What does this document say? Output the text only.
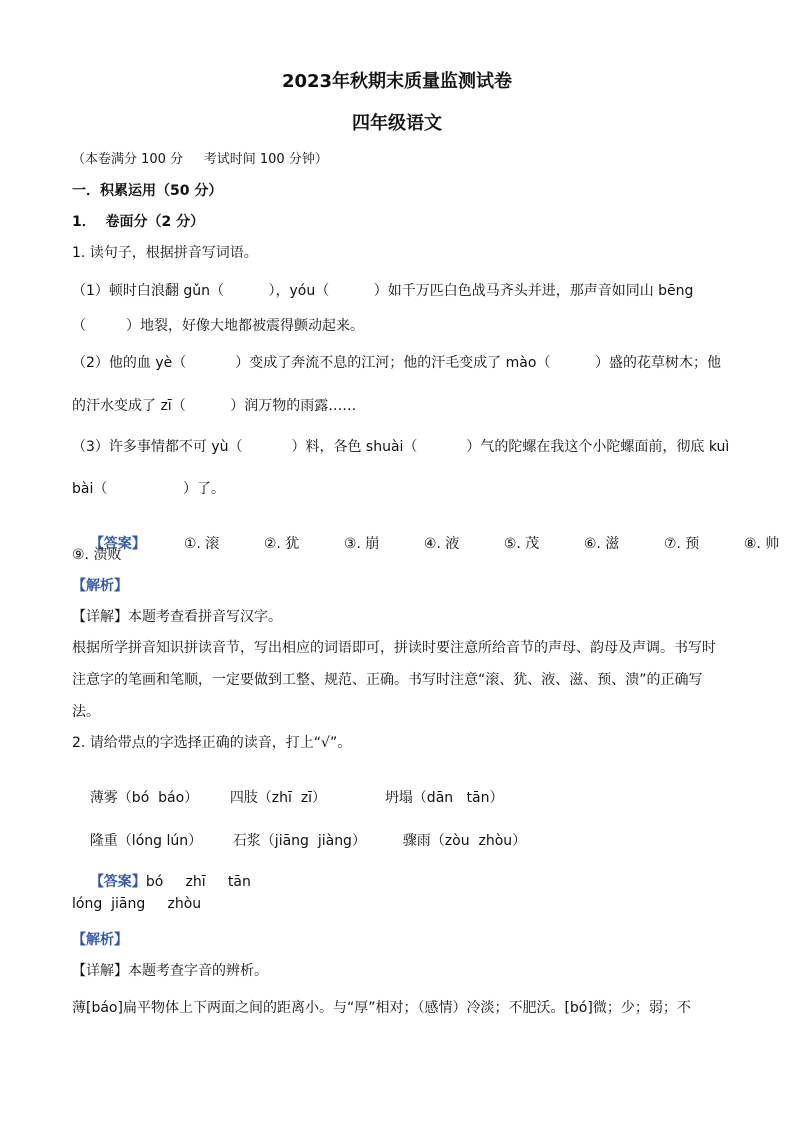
2023年秋期末质量监测试卷
四年级语文
（本卷满分 100 分     考试时间 100 分钟）
一．积累运用（50 分）
1．  卷面分（2 分）
1. 读句子，根据拼音写词语。
（1）顿时白浪翻 gǔn（          ），yóu（          ）如千万匹白色战马齐头并进，那声音如同山 bēng
（         ）地裂，好像大地都被震得颤动起来。
（2）他的血 yè（           ）变成了奔流不息的江河；他的汗毛变成了 mào（          ）盛的花草树木；他
的汗水变成了 zī（          ）润万物的雨露……
（3）许多事情都不可 yù（           ）料，各色 shuài（           ）气的陀螺在我这个小陀螺面前，彻底 kuì
bài（                 ）了。

【答案】	①. 滚	②. 犹	③. 崩	④. 液	⑤. 茂	⑥. 滋	⑦. 预	⑧. 帅

⑨. 溃败
【解析】
【详解】本题考查看拼音写汉字。
根据所学拼音知识拼读音节，写出相应的词语即可，拼读时要注意所给音节的声母、韵母及声调。书写时
注意字的笔画和笔顺，一定要做到工整、规范、正确。书写时注意“滚、犹、液、滋、预、溃”的正确写
法。
2. 请给带点的字选择正确的读音，打上“√”。

薄雾（bó  báo） 四肢（zhī  zī）	坍塌（dān   tān）

隆重（lóng lún） 石浆（jiāng  jiàng）	骤雨（zòu  zhòu）

【答案】bó     zhī     tān

lóng  jiāng     zhòu
【解析】
【详解】本题考查字音的辨析。
薄[báo]扁平物体上下两面之间的距离小。与“厚”相对；（感情）冷淡；不肥沃。[bó]微；少；弱；不
